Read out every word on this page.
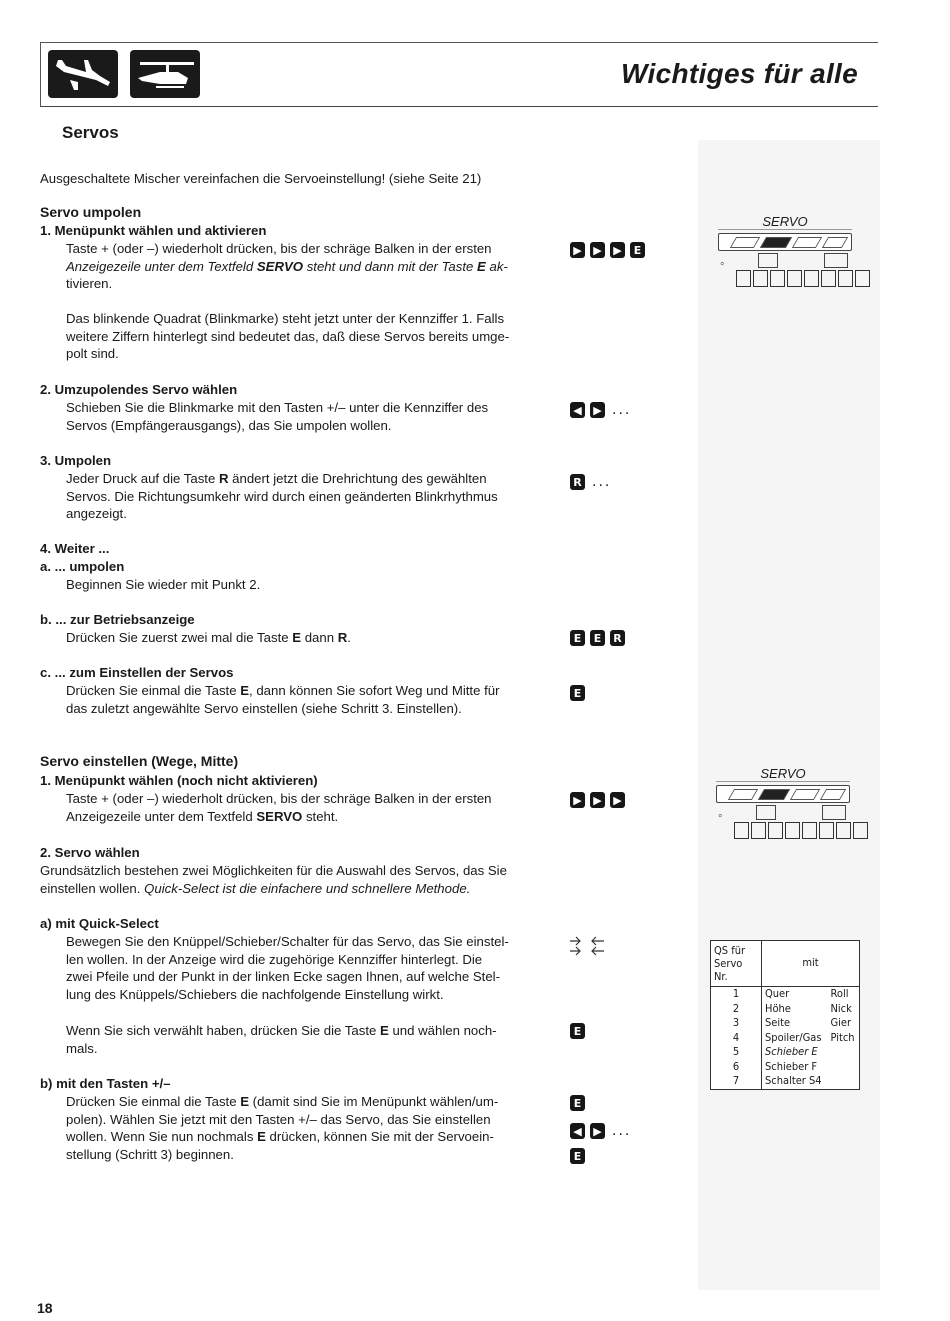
Wichtiges für alle
Servos
Ausgeschaltete Mischer vereinfachen die Servoeinstellung! (siehe Seite 21)
Servo umpolen
1. Menüpunkt wählen und aktivieren
Taste + (oder –) wiederholt drücken, bis der schräge Balken in der ersten
Anzeigezeile unter dem Textfeld SERVO steht und dann mit der Taste E ak-
tivieren.
Das blinkende Quadrat (Blinkmarke) steht jetzt unter der Kennziffer 1. Falls
weitere Ziffern hinterlegt sind bedeutet das, daß diese Servos bereits umge-
polt sind.
2. Umzupolendes Servo wählen
Schieben Sie die Blinkmarke mit den Tasten +/– unter die Kennziffer des
Servos (Empfängerausgangs), das Sie umpolen wollen.
3. Umpolen
Jeder Druck auf die Taste R ändert jetzt die Drehrichtung des gewählten
Servos. Die Richtungsumkehr wird durch einen geänderten Blinkrhythmus
angezeigt.
4. Weiter ...
a. ... umpolen
Beginnen Sie wieder mit Punkt 2.
b. ... zur Betriebsanzeige
Drücken Sie zuerst zwei mal die Taste E dann R.
c. ... zum Einstellen der Servos
Drücken Sie einmal die Taste E, dann können Sie sofort Weg und Mitte für
das zuletzt angewählte Servo einstellen (siehe Schritt 3. Einstellen).
Servo einstellen (Wege, Mitte)
1. Menüpunkt wählen (noch nicht aktivieren)
Taste + (oder –) wiederholt drücken, bis der schräge Balken in der ersten
Anzeigezeile unter dem Textfeld SERVO steht.
2. Servo wählen
Grundsätzlich bestehen zwei Möglichkeiten für die Auswahl des Servos, das Sie
einstellen wollen. Quick-Select ist die einfachere und schnellere Methode.
a) mit Quick-Select
Bewegen Sie den Knüppel/Schieber/Schalter für das Servo, das Sie einstel-
len wollen. In der Anzeige wird die zugehörige Kennziffer hinterlegt. Die
zwei Pfeile und der Punkt in der linken Ecke sagen Ihnen, auf welche Stel-
lung des Knüppels/Schiebers die nachfolgende Einstellung wirkt.
Wenn Sie sich verwählt haben, drücken Sie die Taste E und wählen noch-
mals.
b) mit den Tasten +/–
Drücken Sie einmal die Taste E (damit sind Sie im Menüpunkt wählen/um-
polen). Wählen Sie jetzt mit den Tasten +/– das Servo, das Sie einstellen
wollen. Wenn Sie nun nochmals E drücken, können Sie mit der Servoein-
stellung (Schritt 3) beginnen.
▶ ▶ ▶	E
◀ ▶ ...
R ...
E	E	R
E
▶ ▶ ▶
E
E
◀ ▶ ...
E
SERVO
°
SERVO
°
QS für
Servo Nr.	mit	
1	Quer	Roll
2	Höhe	Nick
3	Seite	Gier
4	Spoiler/Gas	Pitch
5	Schieber E	
6	Schieber F	
7	Schalter S4	
18
